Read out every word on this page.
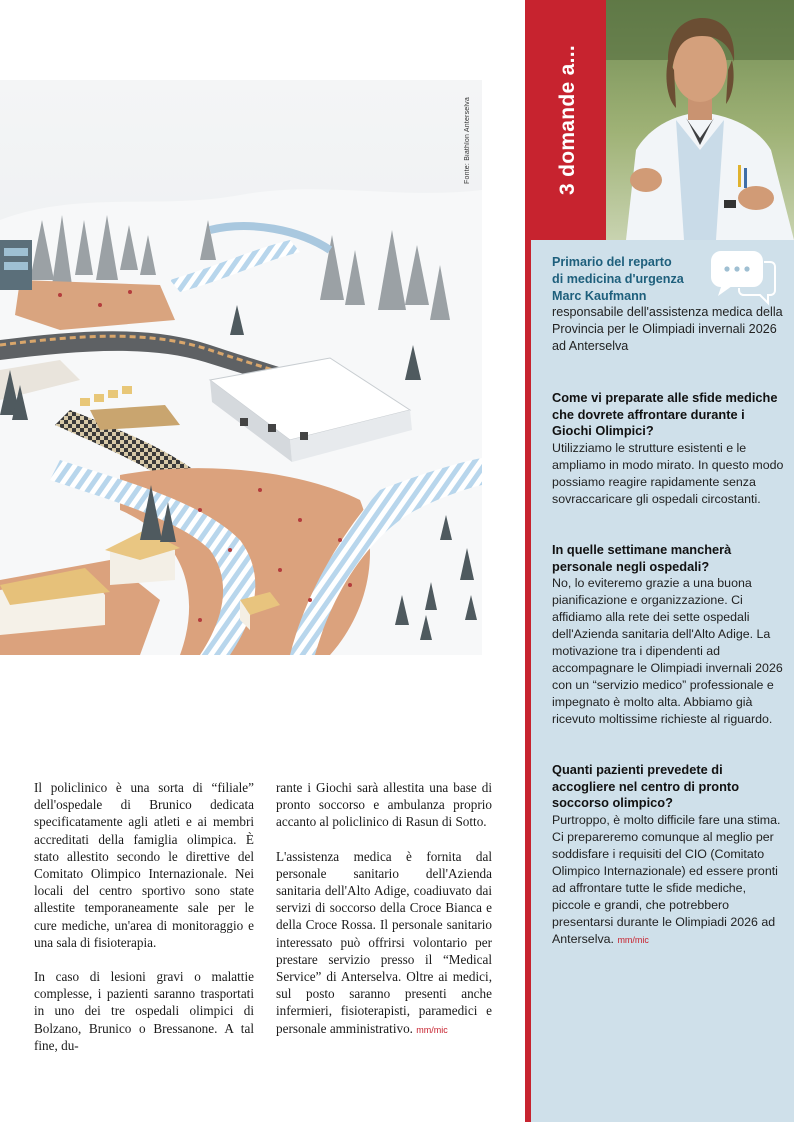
Fonte: Biathlon Anterselva

Il policlinico è una sorta di “filiale” dell'ospedale di Brunico dedicata specificatamente agli atleti e ai membri accreditati della famiglia olimpica. È stato allestito secondo le direttive del Comitato Olimpico Internazionale. Nei locali del centro sportivo sono state allestite temporaneamente sale per le cure mediche, un'area di monitoraggio e una sala di fisioterapia.

In caso di lesioni gravi o malattie complesse, i pazienti saranno trasportati in uno dei tre ospedali olimpici di Bolzano, Brunico o Bressanone. A tal fine, du-

rante i Giochi sarà allestita una base di pronto soccorso e ambulanza proprio accanto al policlinico di Rasun di Sotto.

L'assistenza medica è fornita dal personale sanitario dell'Azienda sanitaria dell'Alto Adige, coadiuvato dai servizi di soccorso della Croce Bianca e della Croce Rossa. Il personale sanitario interessato può offrirsi volontario per prestare servizio presso il “Medical Service” di Anterselva. Oltre ai medici, sul posto saranno presenti anche infermieri, fisioterapisti, paramedici e personale amministrativo. mm/mic

3 domande a...
Primario del reparto
di medicina d'urgenza
Marc Kaufmann
responsabile dell'assistenza medica della Provincia per le Olimpiadi invernali 2026 ad Anterselva
Come vi preparate alle sfide mediche che dovrete affrontare durante i Giochi Olimpici?
Utilizziamo le strutture esistenti e le ampliamo in modo mirato. In questo modo possiamo reagire rapidamente senza sovraccaricare gli ospedali circostanti.
In quelle settimane mancherà personale negli ospedali?
No, lo eviteremo grazie a una buona pianificazione e organizzazione. Ci affidiamo alla rete dei sette ospedali dell'Azienda sanitaria dell'Alto Adige. La motivazione tra i dipendenti ad accompagnare le Olimpiadi invernali 2026 con un “servizio medico” professionale e impegnato è molto alta. Abbiamo già ricevuto moltissime richieste al riguardo.
Quanti pazienti prevedete di accogliere nel centro di pronto soccorso olimpico?
Purtroppo, è molto difficile fare una stima. Ci prepareremo comunque al meglio per soddisfare i requisiti del CIO (Comitato Olimpico Internazionale) ed essere pronti ad affrontare tutte le sfide mediche, piccole e grandi, che potrebbero presentarsi durante le Olimpiadi 2026 ad Anterselva. mm/mic
